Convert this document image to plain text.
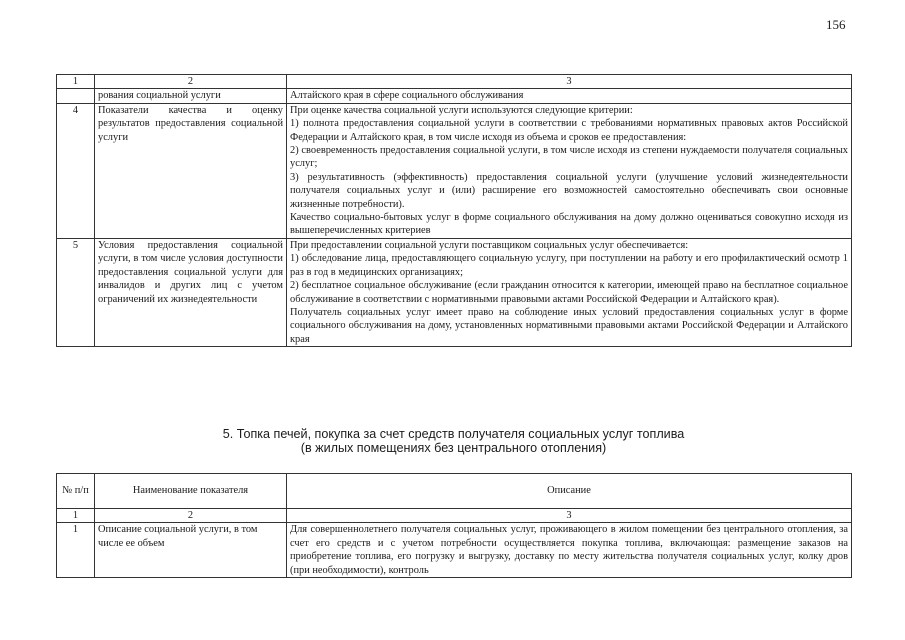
156
1	2	3
	рования социальной услуги	Алтайского края в сфере социального обслуживания

4	Показатели качества и оценку результатов предоставления социальной услуги	При оценке качества социальной услуги используются следующие критерии:
1) полнота предоставления социальной услуги в соответствии с требованиями нормативных правовых актов Российской Федерации и Алтайского края, в том числе исходя из объема и сроков ее предоставления:
2) своевременность предоставления социальной услуги, в том числе исходя из степени нуждаемости получателя социальных услуг;
3) результативность (эффективность) предоставления социальной услуги (улучшение условий жизнедеятельности получателя социальных услуг и (или) расширение его возможностей самостоятельно обеспечивать свои основные жизненные потребности).
Качество социально-бытовых услуг в форме социального обслуживания на дому должно оцениваться совокупно исходя из вышеперечисленных критериев

5	Условия предоставления социальной услуги, в том числе условия доступности предоставления социальной услуги для инвалидов и других лиц с учетом ограничений их жизнедеятельности	При предоставлении социальной услуги поставщиком социальных услуг обеспечивается:
1) обследование лица, предоставляющего социальную услугу, при поступлении на работу и его профилактический осмотр 1 раз в год в медицинских организациях;
2) бесплатное социальное обслуживание (если гражданин относится к категории, имеющей право на бесплатное социальное обслуживание в соответствии с нормативными правовыми актами Российской Федерации и Алтайского края).
Получатель социальных услуг имеет право на соблюдение иных условий предоставления социальных услуг в форме социального обслуживания на дому, установленных нормативными правовыми актами Российской Федерации и Алтайского края
5. Топка печей, покупка за счет средств получателя социальных услуг топлива
(в жилых помещениях без центрального отопления)
№ п/п	Наименование показателя	Описание
1	2	3
1	Описание социальной услуги, в том числе ее объем	Для совершеннолетнего получателя социальных услуг, проживающего в жилом помещении без центрального отопления, за счет его средств и с учетом потребности осуществляется покупка топлива, включающая: размещение заказов на приобретение топлива, его погрузку и выгрузку, доставку по месту жительства получателя социальных услуг, колку дров (при необходимости), контроль
